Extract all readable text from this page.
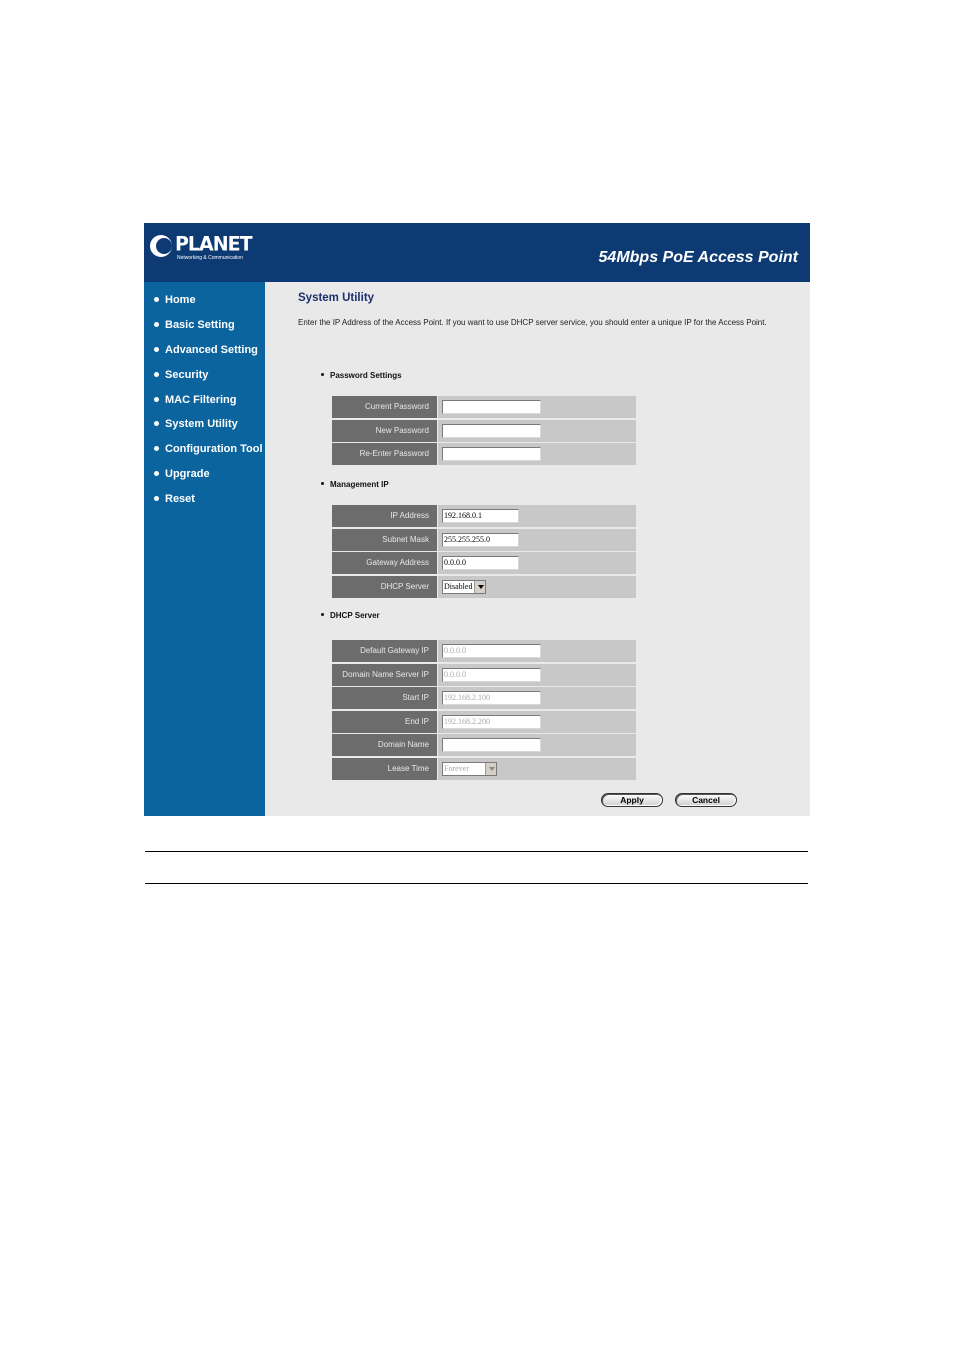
PLANET
Networking & Communication	54Mbps PoE Access Point
Home
Basic Setting
Advanced Setting
Security
MAC Filtering
System Utility
Configuration Tool
Upgrade
Reset
System Utility
Enter the IP Address of the Access Point. If you want to use DHCP server service, you should enter a unique IP for the Access Point.
Password Settings
Current Password
New Password
Re-Enter Password
Management IP
IP Address	192.168.0.1
Subnet Mask	255.255.255.0
Gateway Address	0.0.0.0
DHCP Server	Disabled
DHCP Server
Default Gateway IP	0.0.0.0
Domain Name Server IP	0.0.0.0
Start IP	192.168.2.100
End IP	192.168.2.200
Domain Name
Lease Time	Forever
Apply	Cancel
